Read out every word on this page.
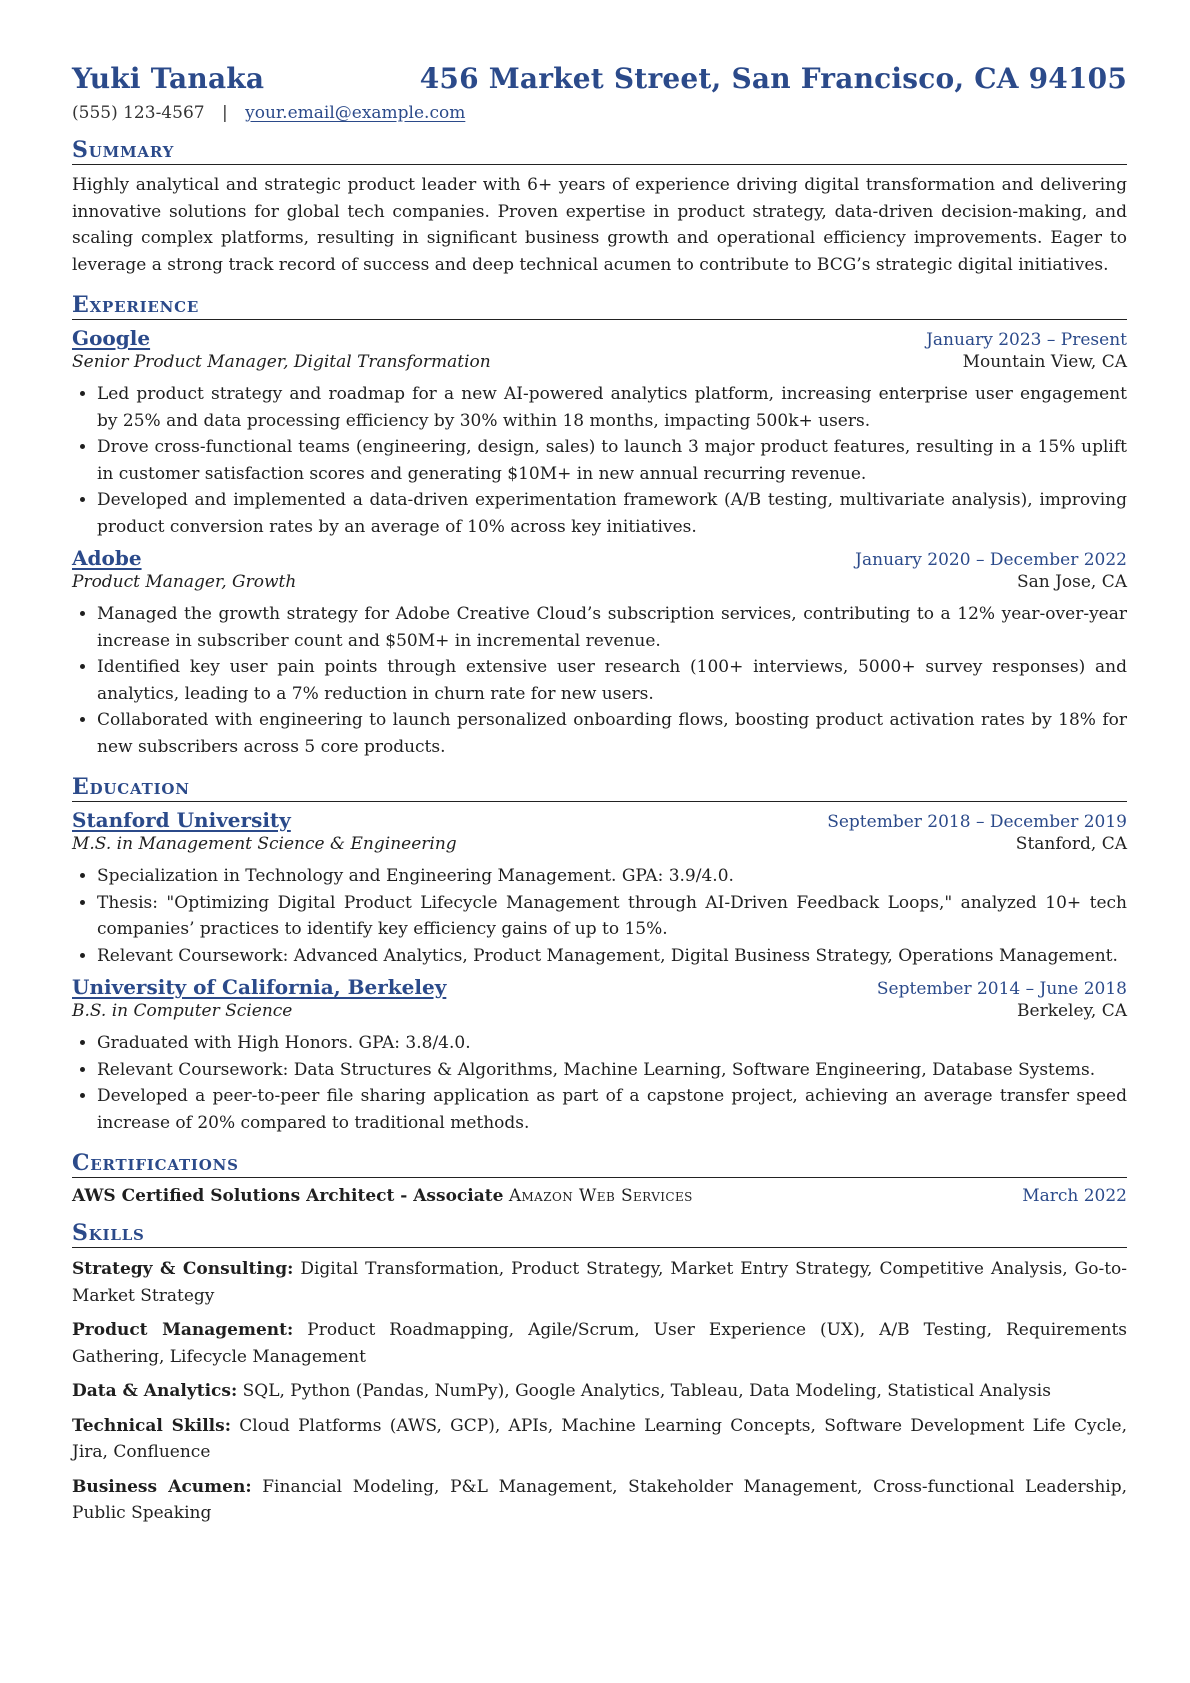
Yuki Tanaka	456 Market Street, San Francisco, CA 94105
(555) 123-4567 | your.email@example.com
Summary
Highly analytical and strategic product leader with 6+ years of experience driving digital transformation and delivering innovative solutions for global tech companies. Proven expertise in product strategy, data-driven decision-making, and scaling complex platforms, resulting in significant business growth and operational efficiency improvements. Eager to leverage a strong track record of success and deep technical acumen to contribute to BCG’s strategic digital initiatives.
Experience
Google	January 2023 – Present
Senior Product Manager, Digital Transformation	Mountain View, CA
• Led product strategy and roadmap for a new AI-powered analytics platform, increasing enterprise user engagement by 25% and data processing efficiency by 30% within 18 months, impacting 500k+ users.
• Drove cross-functional teams (engineering, design, sales) to launch 3 major product features, resulting in a 15% uplift in customer satisfaction scores and generating $10M+ in new annual recurring revenue.
• Developed and implemented a data-driven experimentation framework (A/B testing, multivariate analysis), improving product conversion rates by an average of 10% across key initiatives.
Adobe	January 2020 – December 2022
Product Manager, Growth	San Jose, CA
• Managed the growth strategy for Adobe Creative Cloud’s subscription services, contributing to a 12% year-over-year increase in subscriber count and $50M+ in incremental revenue.
• Identified key user pain points through extensive user research (100+ interviews, 5000+ survey responses) and analytics, leading to a 7% reduction in churn rate for new users.
• Collaborated with engineering to launch personalized onboarding flows, boosting product activation rates by 18% for new subscribers across 5 core products.
Education
Stanford University	September 2018 – December 2019
M.S. in Management Science & Engineering	Stanford, CA
• Specialization in Technology and Engineering Management. GPA: 3.9/4.0.
• Thesis: "Optimizing Digital Product Lifecycle Management through AI-Driven Feedback Loops," analyzed 10+ tech companies’ practices to identify key efficiency gains of up to 15%.
• Relevant Coursework: Advanced Analytics, Product Management, Digital Business Strategy, Operations Management.
University of California, Berkeley	September 2014 – June 2018
B.S. in Computer Science	Berkeley, CA
• Graduated with High Honors. GPA: 3.8/4.0.
• Relevant Coursework: Data Structures & Algorithms, Machine Learning, Software Engineering, Database Systems.
• Developed a peer-to-peer file sharing application as part of a capstone project, achieving an average transfer speed increase of 20% compared to traditional methods.
Certifications
AWS Certified Solutions Architect - Associate Amazon Web Services	March 2022
Skills
Strategy & Consulting: Digital Transformation, Product Strategy, Market Entry Strategy, Competitive Analysis, Go-to-Market Strategy
Product Management: Product Roadmapping, Agile/Scrum, User Experience (UX), A/B Testing, Requirements Gathering, Lifecycle Management
Data & Analytics: SQL, Python (Pandas, NumPy), Google Analytics, Tableau, Data Modeling, Statistical Analysis
Technical Skills: Cloud Platforms (AWS, GCP), APIs, Machine Learning Concepts, Software Development Life Cycle, Jira, Confluence
Business Acumen: Financial Modeling, P&L Management, Stakeholder Management, Cross-functional Leadership, Public Speaking
